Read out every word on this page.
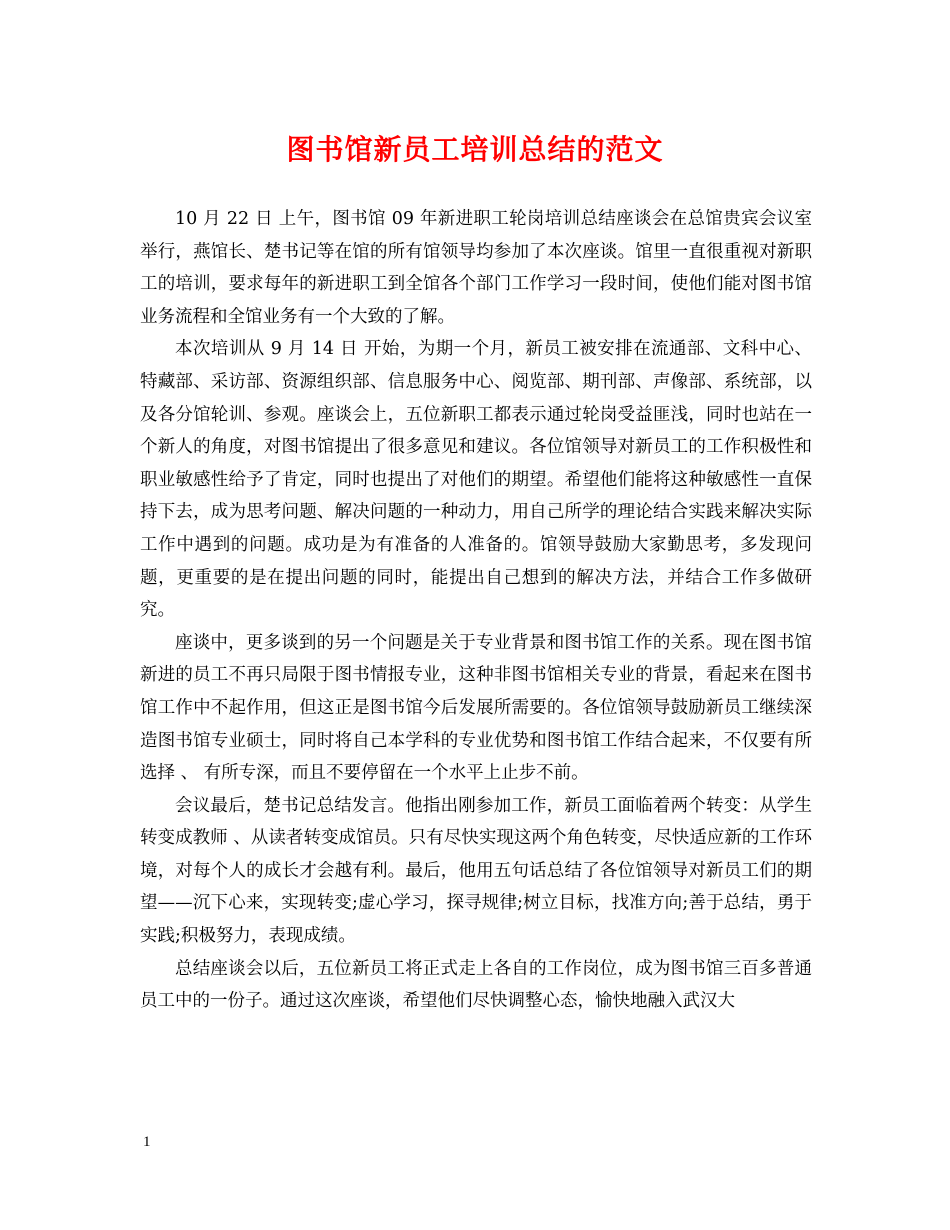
图书馆新员工培训总结的范文

10 月 22 日 上午，图书馆 09 年新进职工轮岗培训总结座谈会在总馆贵宾会议室举行，燕馆长、楚书记等在馆的所有馆领导均参加了本次座谈。馆里一直很重视对新职工的培训，要求每年的新进职工到全馆各个部门工作学习一段时间，使他们能对图书馆业务流程和全馆业务有一个大致的了解。

本次培训从 9 月 14 日 开始，为期一个月，新员工被安排在流通部、文科中心、特藏部、采访部、资源组织部、信息服务中心、阅览部、期刊部、声像部、系统部，以及各分馆轮训、参观。座谈会上，五位新职工都表示通过轮岗受益匪浅，同时也站在一个新人的角度，对图书馆提出了很多意见和建议。各位馆领导对新员工的工作积极性和职业敏感性给予了肯定，同时也提出了对他们的期望。希望他们能将这种敏感性一直保持下去，成为思考问题、解决问题的一种动力，用自己所学的理论结合实践来解决实际工作中遇到的问题。成功是为有准备的人准备的。馆领导鼓励大家勤思考，多发现问题，更重要的是在提出问题的同时，能提出自己想到的解决方法，并结合工作多做研究。

座谈中，更多谈到的另一个问题是关于专业背景和图书馆工作的关系。现在图书馆新进的员工不再只局限于图书情报专业，这种非图书馆相关专业的背景，看起来在图书馆工作中不起作用，但这正是图书馆今后发展所需要的。各位馆领导鼓励新员工继续深造图书馆专业硕士，同时将自己本学科的专业优势和图书馆工作结合起来，不仅要有所选择 、 有所专深，而且不要停留在一个水平上止步不前。

会议最后，楚书记总结发言。他指出刚参加工作，新员工面临着两个转变：从学生转变成教师 、从读者转变成馆员。只有尽快实现这两个角色转变，尽快适应新的工作环境，对每个人的成长才会越有利。最后，他用五句话总结了各位馆领导对新员工们的期望——沉下心来，实现转变;虚心学习，探寻规律;树立目标，找准方向;善于总结，勇于实践;积极努力，表现成绩。

总结座谈会以后，五位新员工将正式走上各自的工作岗位，成为图书馆三百多普通员工中的一份子。通过这次座谈，希望他们尽快调整心态，愉快地融入武汉大

1
